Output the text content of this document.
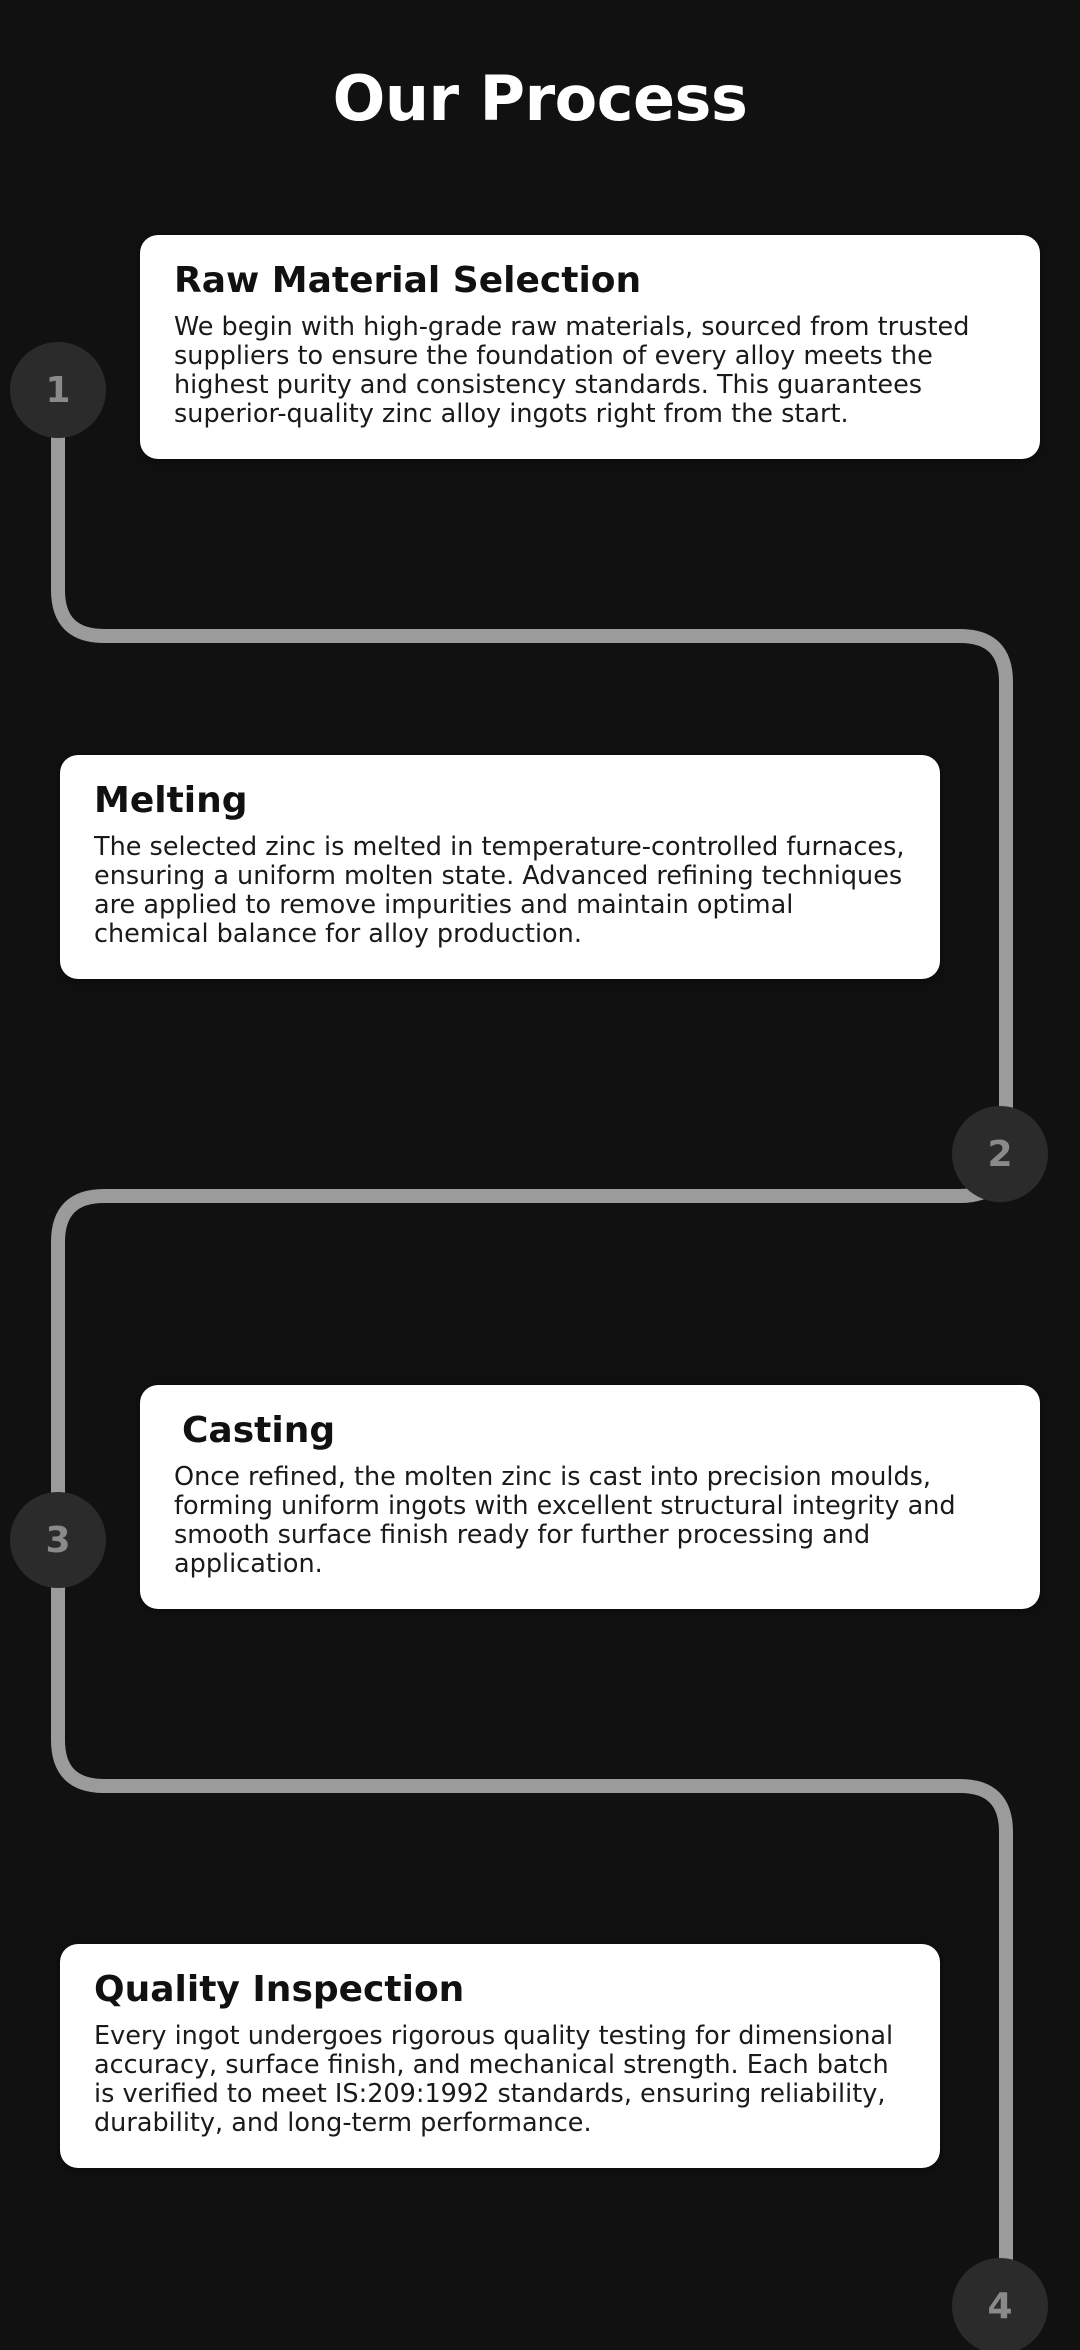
Our Process
Raw Material Selection

We begin with high-grade raw materials, sourced from trusted suppliers to ensure the foundation of every alloy meets the highest purity and consistency standards. This guarantees superior-quality zinc alloy ingots right from the start.

1
Melting

The selected zinc is melted in temperature-controlled furnaces, ensuring a uniform molten state. Advanced refining techniques are applied to remove impurities and maintain optimal chemical balance for alloy production.

2
Casting

Once refined, the molten zinc is cast into precision moulds, forming uniform ingots with excellent structural integrity and smooth surface finish ready for further processing and application.

3
Quality Inspection

Every ingot undergoes rigorous quality testing for dimensional accuracy, surface finish, and mechanical strength. Each batch is verified to meet IS:209:1992 standards, ensuring reliability, durability, and long-term performance.

4
